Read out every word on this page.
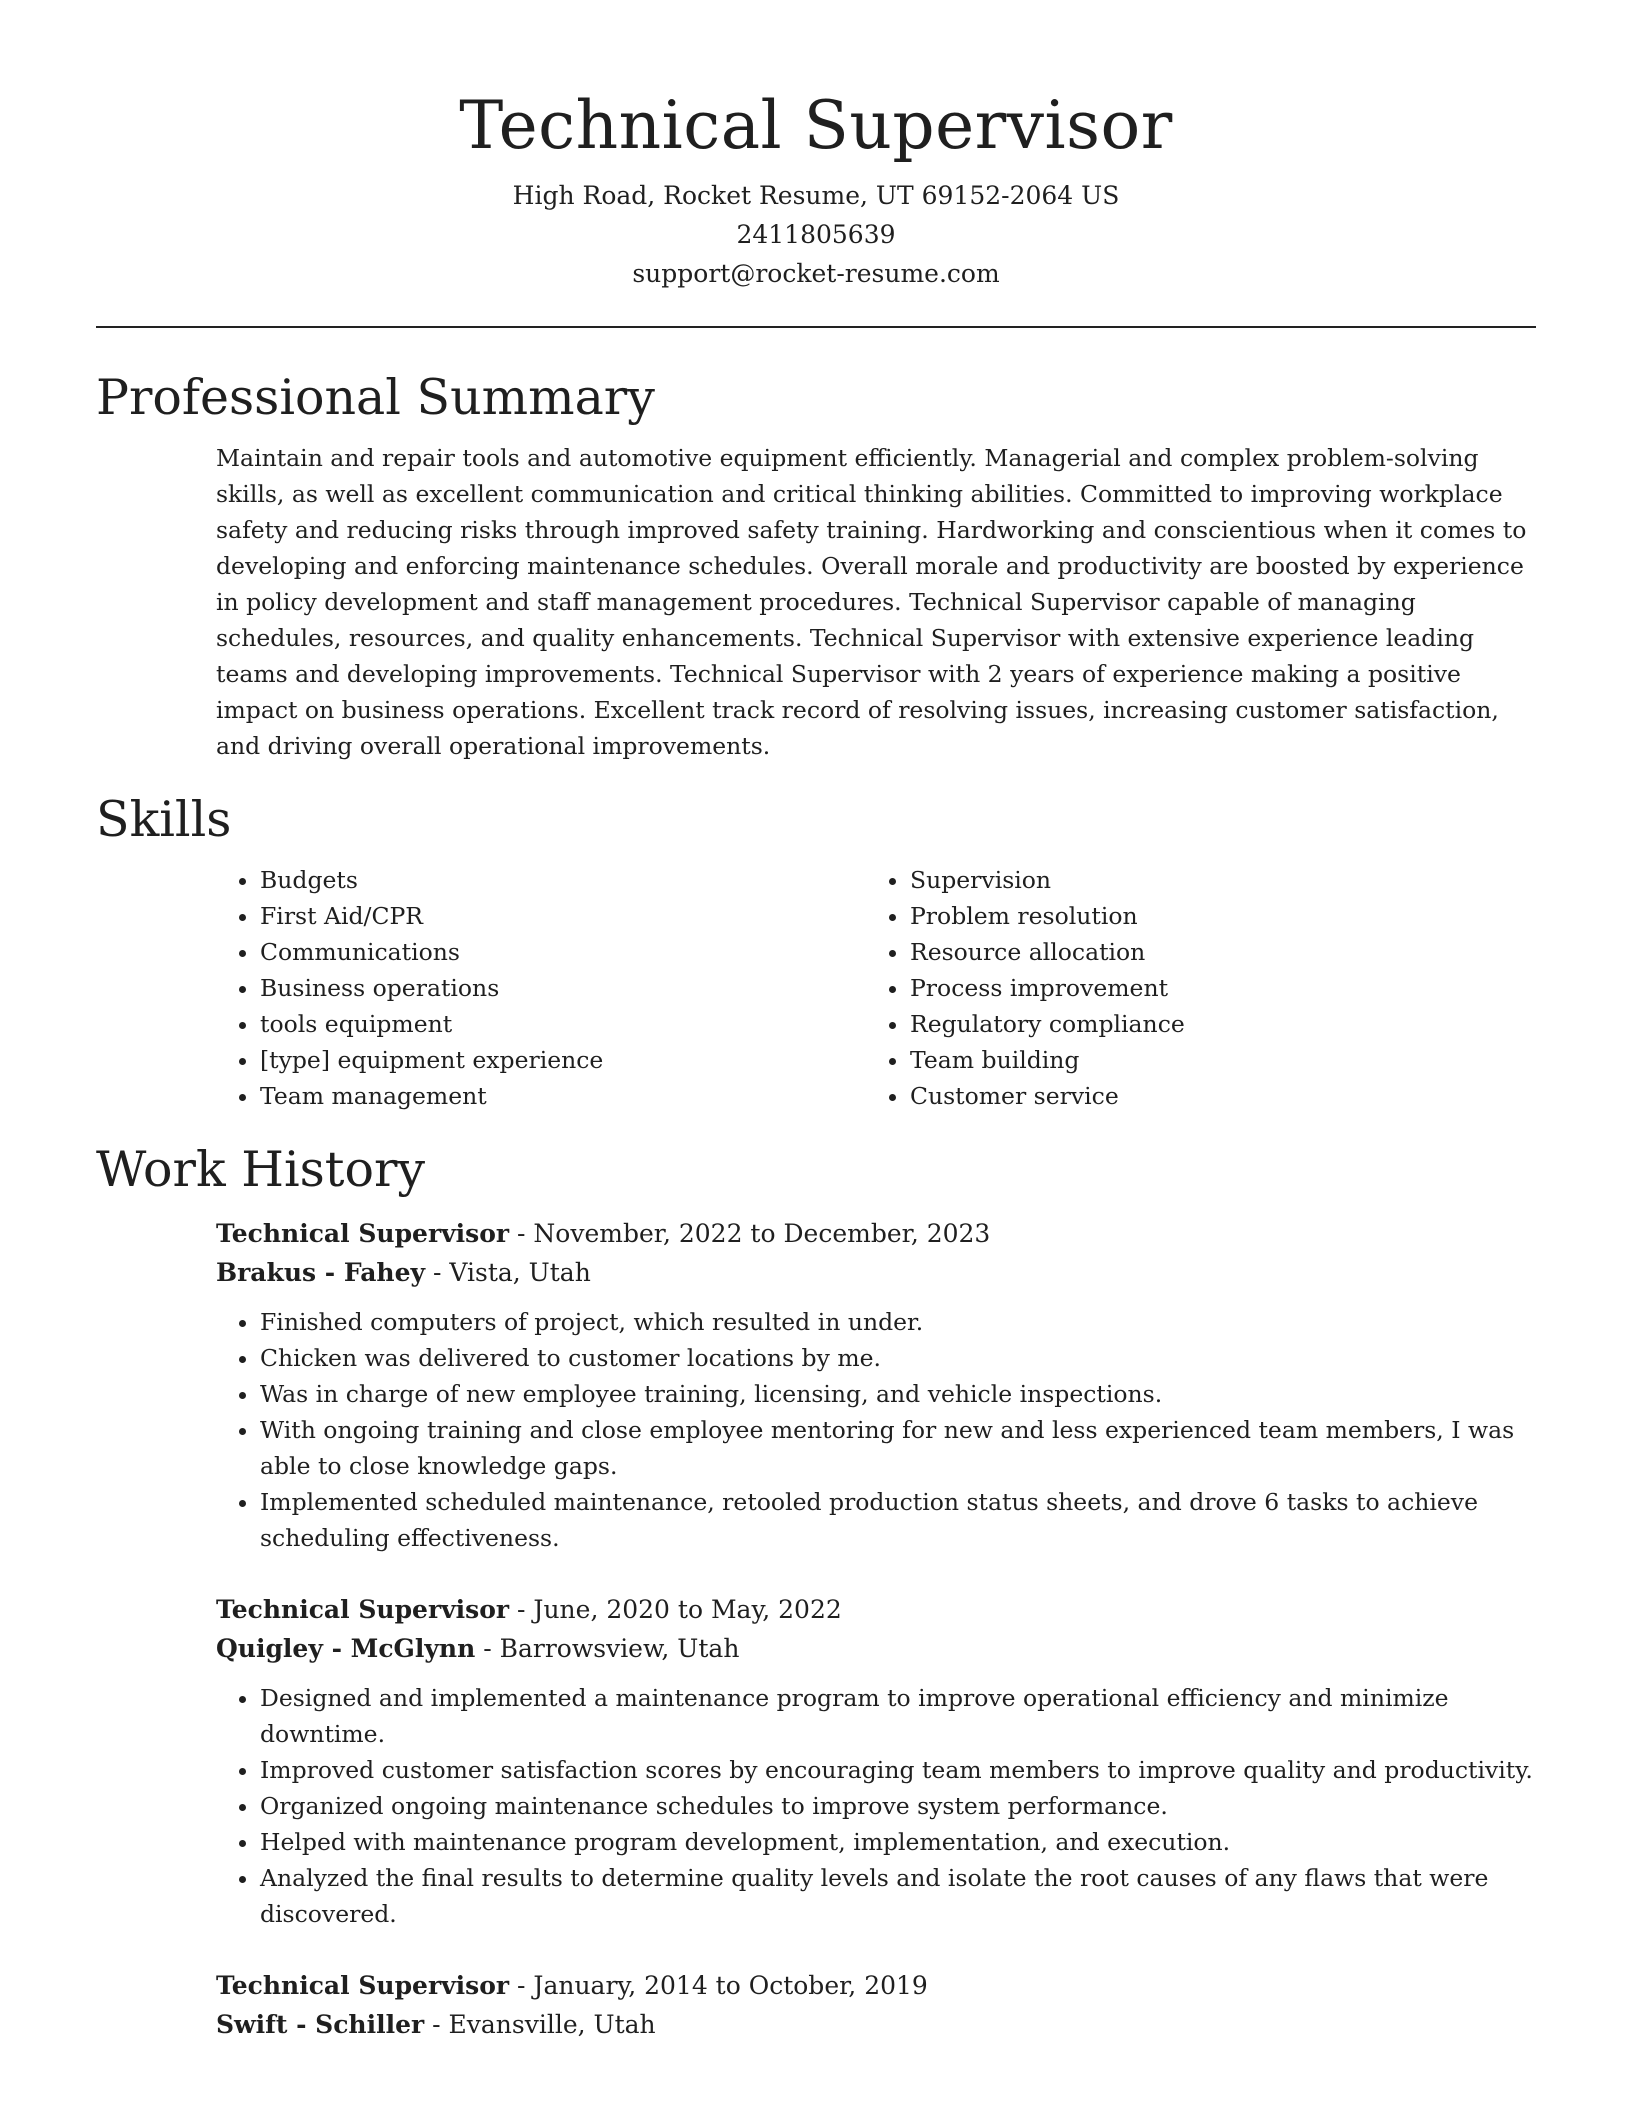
Technical Supervisor
High Road, Rocket Resume, UT 69152-2064 US
2411805639
support@rocket-resume.com
Professional Summary
Maintain and repair tools and automotive equipment efficiently. Managerial and complex problem-solving skills, as well as excellent communication and critical thinking abilities. Committed to improving workplace safety and reducing risks through improved safety training. Hardworking and conscientious when it comes to developing and enforcing maintenance schedules. Overall morale and productivity are boosted by experience in policy development and staff management procedures. Technical Supervisor capable of managing schedules, resources, and quality enhancements. Technical Supervisor with extensive experience leading teams and developing improvements. Technical Supervisor with 2 years of experience making a positive impact on business operations. Excellent track record of resolving issues, increasing customer satisfaction, and driving overall operational improvements.
Skills
• Budgets
• First Aid/CPR
• Communications
• Business operations
• tools equipment
• [type] equipment experience
• Team management
• Supervision
• Problem resolution
• Resource allocation
• Process improvement
• Regulatory compliance
• Team building
• Customer service
Work History
Technical Supervisor - November, 2022 to December, 2023
Brakus - Fahey - Vista, Utah
• Finished computers of project, which resulted in under.
• Chicken was delivered to customer locations by me.
• Was in charge of new employee training, licensing, and vehicle inspections.
• With ongoing training and close employee mentoring for new and less experienced team members, I was able to close knowledge gaps.
• Implemented scheduled maintenance, retooled production status sheets, and drove 6 tasks to achieve scheduling effectiveness.
Technical Supervisor - June, 2020 to May, 2022
Quigley - McGlynn - Barrowsview, Utah
• Designed and implemented a maintenance program to improve operational efficiency and minimize downtime.
• Improved customer satisfaction scores by encouraging team members to improve quality and productivity.
• Organized ongoing maintenance schedules to improve system performance.
• Helped with maintenance program development, implementation, and execution.
• Analyzed the final results to determine quality levels and isolate the root causes of any flaws that were discovered.
Technical Supervisor - January, 2014 to October, 2019
Swift - Schiller - Evansville, Utah
